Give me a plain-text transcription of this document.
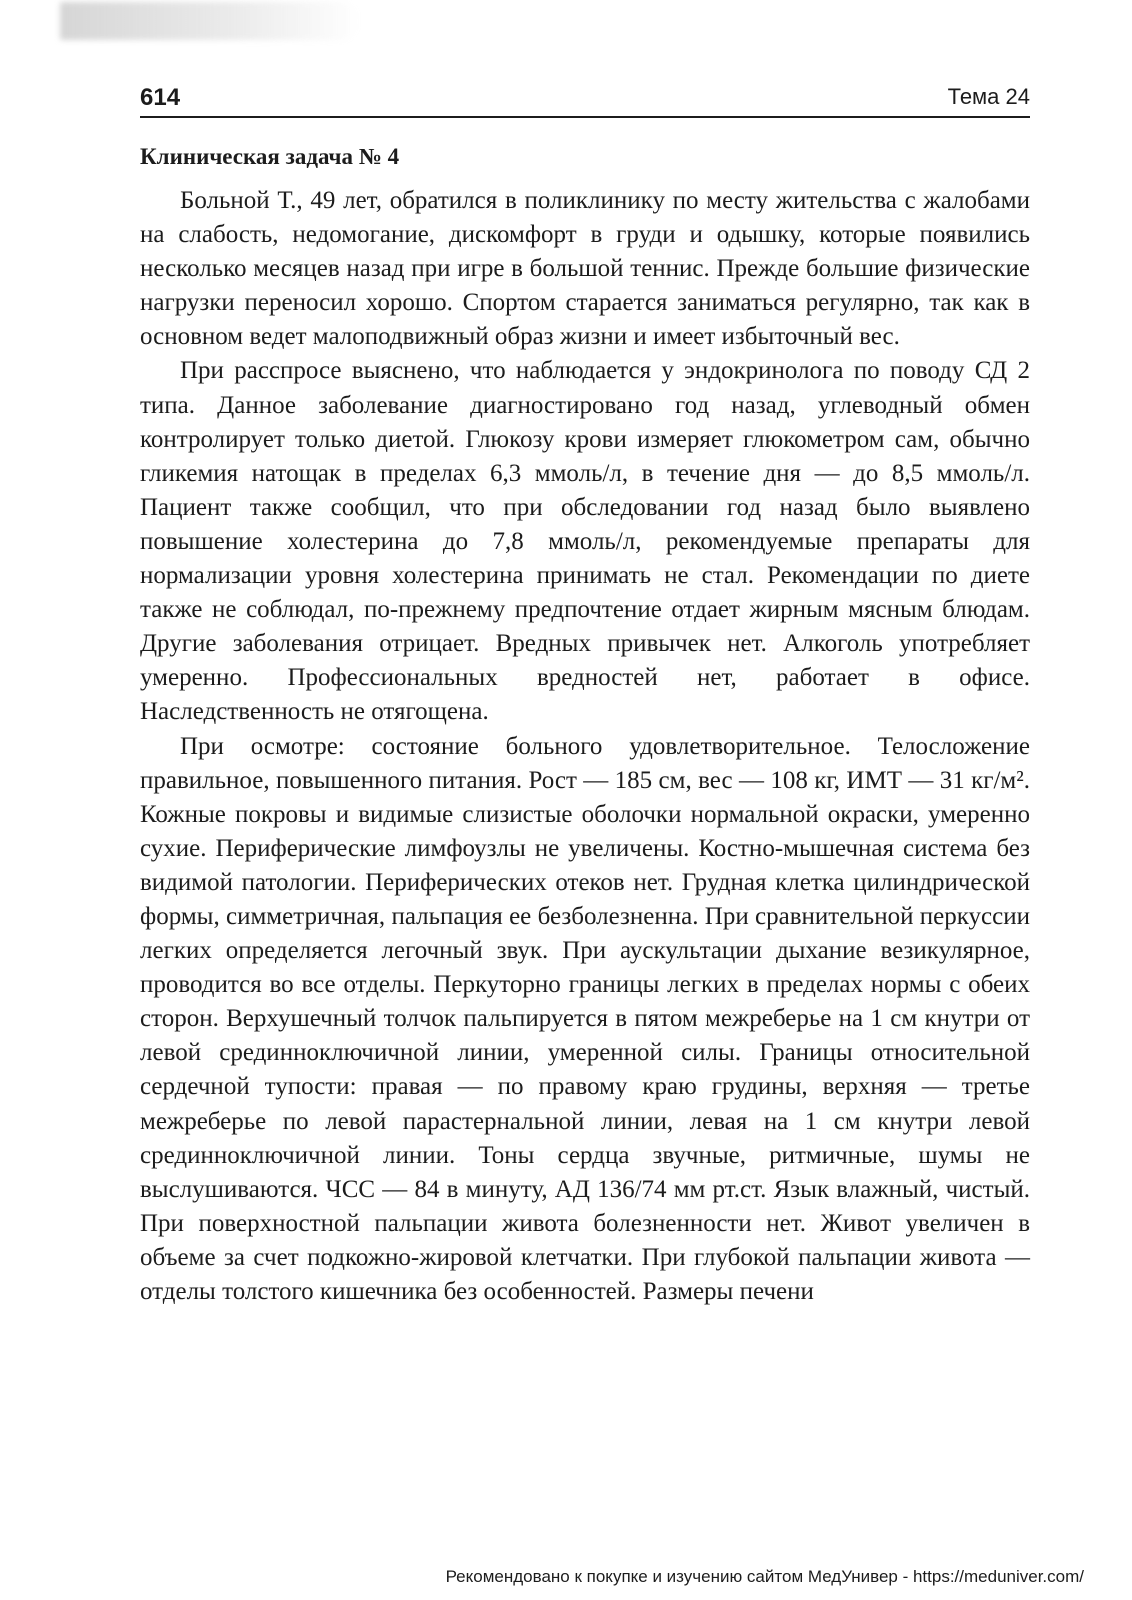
614	Тема 24
Клиническая задача № 4

Больной Т., 49 лет, обратился в поликлинику по месту жительства с жалобами на слабость, недомогание, дискомфорт в груди и одышку, которые появились несколько месяцев назад при игре в большой теннис. Прежде большие физические нагрузки переносил хорошо. Спортом старается заниматься регулярно, так как в основном ведет малоподвижный образ жизни и имеет избыточный вес.

При расспросе выяснено, что наблюдается у эндокринолога по поводу СД 2 типа. Данное заболевание диагностировано год назад, углеводный обмен контролирует только диетой. Глюкозу крови измеряет глюкометром сам, обычно гликемия натощак в пределах 6,3 ммоль/л, в течение дня — до 8,5 ммоль/л. Пациент также сообщил, что при обследовании год назад было выявлено повышение холестерина до 7,8 ммоль/л, рекомендуемые препараты для нормализации уровня холестерина принимать не стал. Рекомендации по диете также не соблюдал, по-прежнему предпочтение отдает жирным мясным блюдам. Другие заболевания отрицает. Вредных привычек нет. Алкоголь употребляет умеренно. Профессиональных вредностей нет, работает в офисе. Наследственность не отягощена.

При осмотре: состояние больного удовлетворительное. Телосложение правильное, повышенного питания. Рост — 185 см, вес — 108 кг, ИМТ — 31 кг/м². Кожные покровы и видимые слизистые оболочки нормальной окраски, умеренно сухие. Периферические лимфоузлы не увеличены. Костно-мышечная система без видимой патологии. Периферических отеков нет. Грудная клетка цилиндрической формы, симметричная, пальпация ее безболезненна. При сравнительной перкуссии легких определяется легочный звук. При аускультации дыхание везикулярное, проводится во все отделы. Перкуторно границы легких в пределах нормы с обеих сторон. Верхушечный толчок пальпируется в пятом межреберье на 1 см кнутри от левой срединноключичной линии, умеренной силы. Границы относительной сердечной тупости: правая — по правому краю грудины, верхняя — третье межреберье по левой парастернальной линии, левая на 1 см кнутри левой срединноключичной линии. Тоны сердца звучные, ритмичные, шумы не выслушиваются. ЧСС — 84 в минуту, АД 136/74 мм рт.ст. Язык влажный, чистый. При поверхностной пальпации живота болезненности нет. Живот увеличен в объеме за счет подкожно-жировой клетчатки. При глубокой пальпации живота — отделы толстого кишечника без особенностей. Размеры печени

Рекомендовано к покупке и изучению сайтом МедУнивер - https://meduniver.com/
